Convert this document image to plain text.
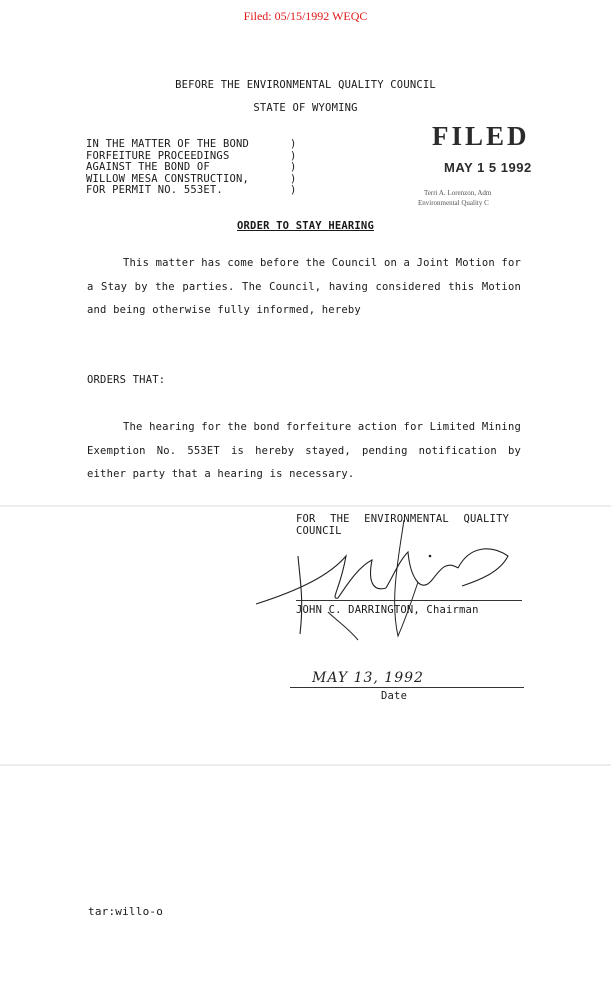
Filed: 05/15/1992 WEQC
BEFORE THE ENVIRONMENTAL QUALITY COUNCIL
STATE OF WYOMING
IN THE MATTER OF THE BOND
FORFEITURE PROCEEDINGS
AGAINST THE BOND OF
WILLOW MESA CONSTRUCTION,
FOR PERMIT NO. 553ET.
)
)
)
)
)
FILED
MAY 1 5 1992
Terri A. Lorenzon, Adm
Environmental Quality C
ORDER TO STAY HEARING
This matter has come before the Council on a Joint Motion for a Stay by the parties. The Council, having considered this Motion and being otherwise fully informed, hereby
ORDERS THAT:
The hearing for the bond forfeiture action for Limited Mining Exemption No. 553ET is hereby stayed, pending notification by either party that a hearing is necessary.
FOR THE ENVIRONMENTAL QUALITY
COUNCIL
JOHN C. DARRINGTON, Chairman
MAY 13, 1992
Date
tar:willo-o
